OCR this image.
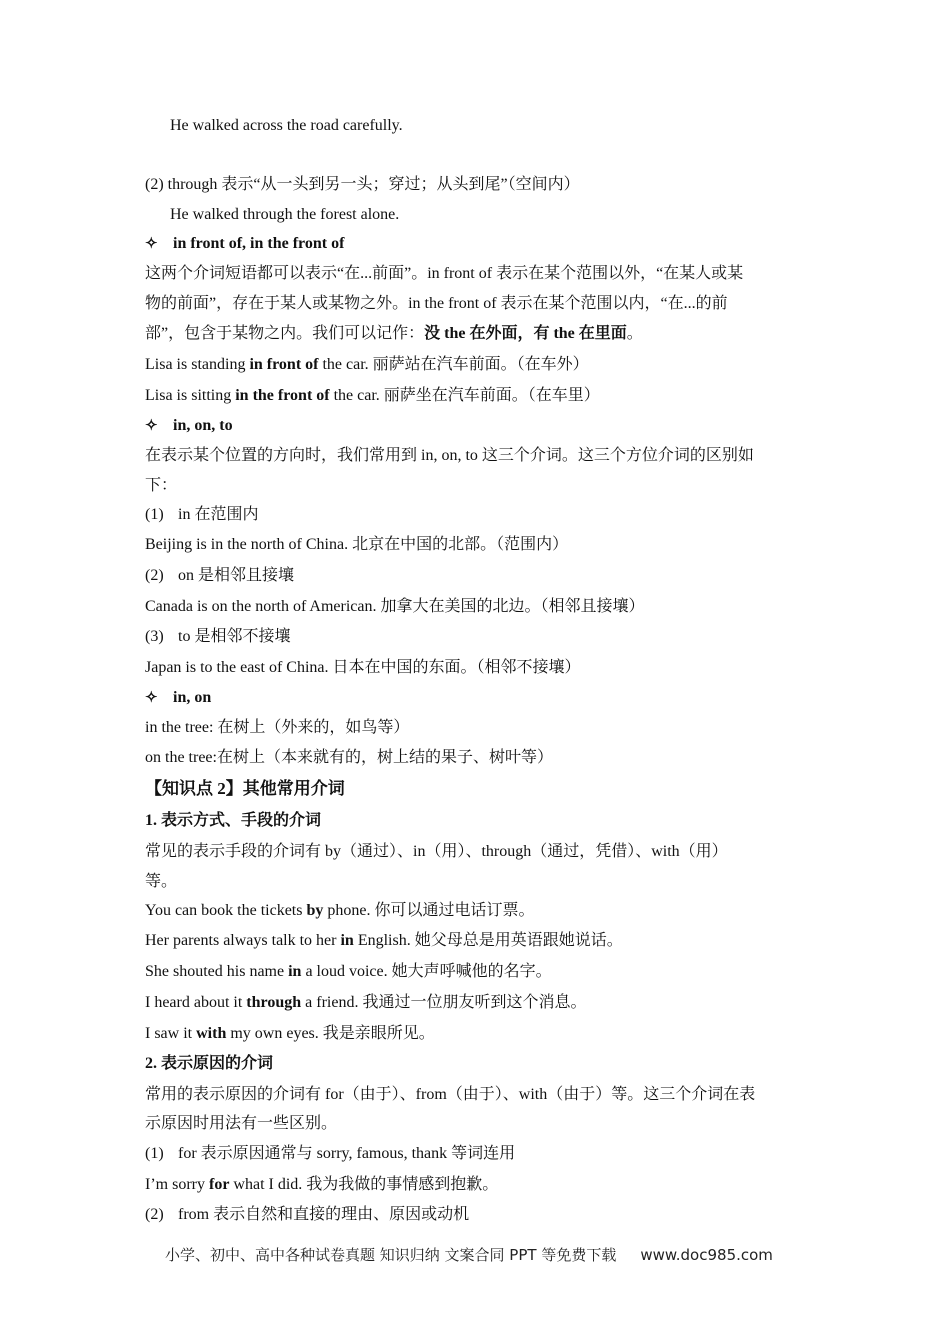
He walked across the road carefully.
(2) through 表示“从一头到另一头；穿过；从头到尾”（空间内）
He walked through the forest alone.
✧ in front of, in the front of
这两个介词短语都可以表示“在...前面”。in front of 表示在某个范围以外，“在某人或某
物的前面”，存在于某人或某物之外。in the front of 表示在某个范围以内，“在...的前
部”，包含于某物之内。我们可以记作：没 the 在外面，有 the 在里面。
Lisa is standing in front of the car. 丽萨站在汽车前面。（在车外）
Lisa is sitting in the front of the car. 丽萨坐在汽车前面。（在车里）
✧ in, on, to
在表示某个位置的方向时，我们常用到 in, on, to 这三个介词。这三个方位介词的区别如
下：
(1) in 在范围内
Beijing is in the north of China. 北京在中国的北部。（范围内）
(2) on 是相邻且接壤
Canada is on the north of American. 加拿大在美国的北边。（相邻且接壤）
(3) to 是相邻不接壤
Japan is to the east of China. 日本在中国的东面。（相邻不接壤）
✧ in, on
in the tree: 在树上（外来的，如鸟等）
on the tree:在树上（本来就有的，树上结的果子、树叶等）
【知识点 2】其他常用介词
1. 表示方式、手段的介词
常见的表示手段的介词有 by（通过）、in（用）、through（通过，凭借）、with（用）
等。
You can book the tickets by phone. 你可以通过电话订票。
Her parents always talk to her in English. 她父母总是用英语跟她说话。
She shouted his name in a loud voice. 她大声呼喊他的名字。
I heard about it through a friend. 我通过一位朋友听到这个消息。
I saw it with my own eyes. 我是亲眼所见。
2. 表示原因的介词
常用的表示原因的介词有 for（由于）、from（由于）、with（由于）等。这三个介词在表
示原因时用法有一些区别。
(1) for 表示原因通常与 sorry, famous, thank 等词连用
I’m sorry for what I did. 我为我做的事情感到抱歉。
(2) from 表示自然和直接的理由、原因或动机
小学、初中、高中各种试卷真题 知识归纳 文案合同 PPT 等免费下载 www.doc985.com
